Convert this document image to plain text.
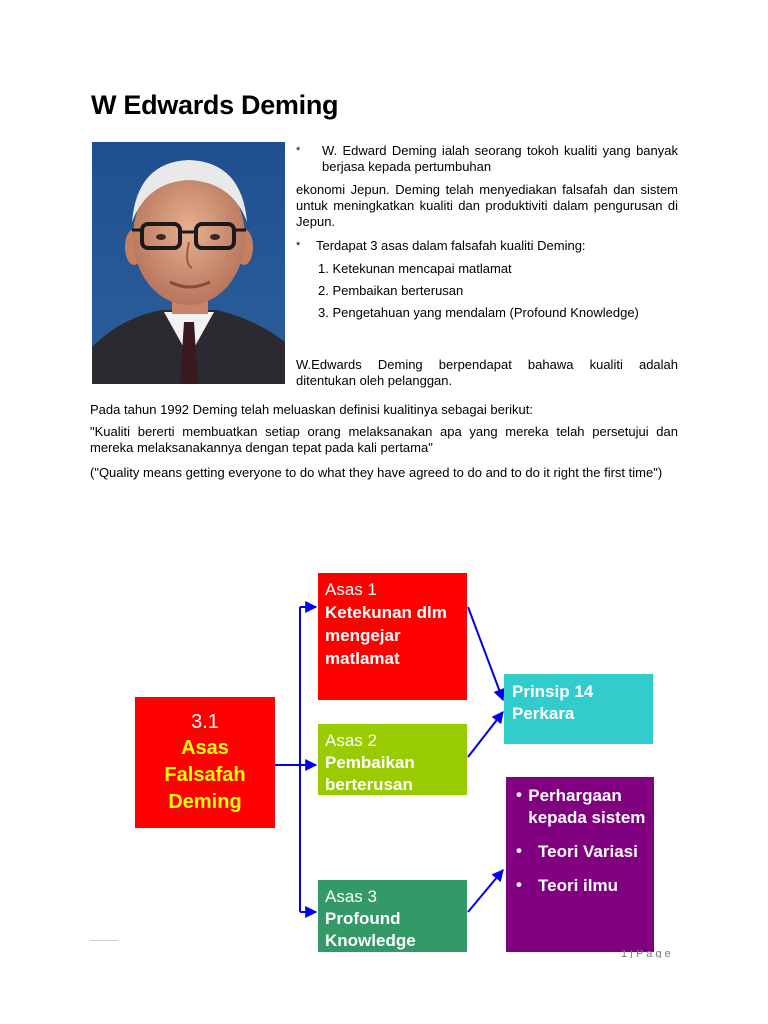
W Edwards Deming
*	W. Edward Deming ialah seorang tokoh kualiti yang banyak berjasa kepada pertumbuhan
ekonomi Jepun. Deming telah menyediakan falsafah dan sistem untuk meningkatkan kualiti dan produktiviti dalam pengurusan di Jepun.
*	Terdapat 3 asas dalam falsafah kualiti Deming:
1. Ketekunan mencapai matlamat
2. Pembaikan berterusan
3. Pengetahuan yang mendalam (Profound Knowledge)
W.Edwards Deming berpendapat bahawa kualiti adalah ditentukan oleh pelanggan.
Pada tahun 1992 Deming telah meluaskan definisi kualitinya sebagai berikut:
"Kualiti bererti membuatkan setiap orang melaksanakan apa yang mereka telah persetujui dan mereka melaksanakannya dengan tepat pada kali pertama"
("Quality means getting everyone to do what they have agreed to do and to do it right the first time")
3.1
Asas
Falsafah
Deming
Asas 1
Ketekunan dlm mengejar matlamat
Asas 2
Pembaikan berterusan
Asas 3
Profound Knowledge
Prinsip 14 Perkara
• Perhargaan kepada sistem
• Teori Variasi
• Teori ilmu
1 | P a g e
